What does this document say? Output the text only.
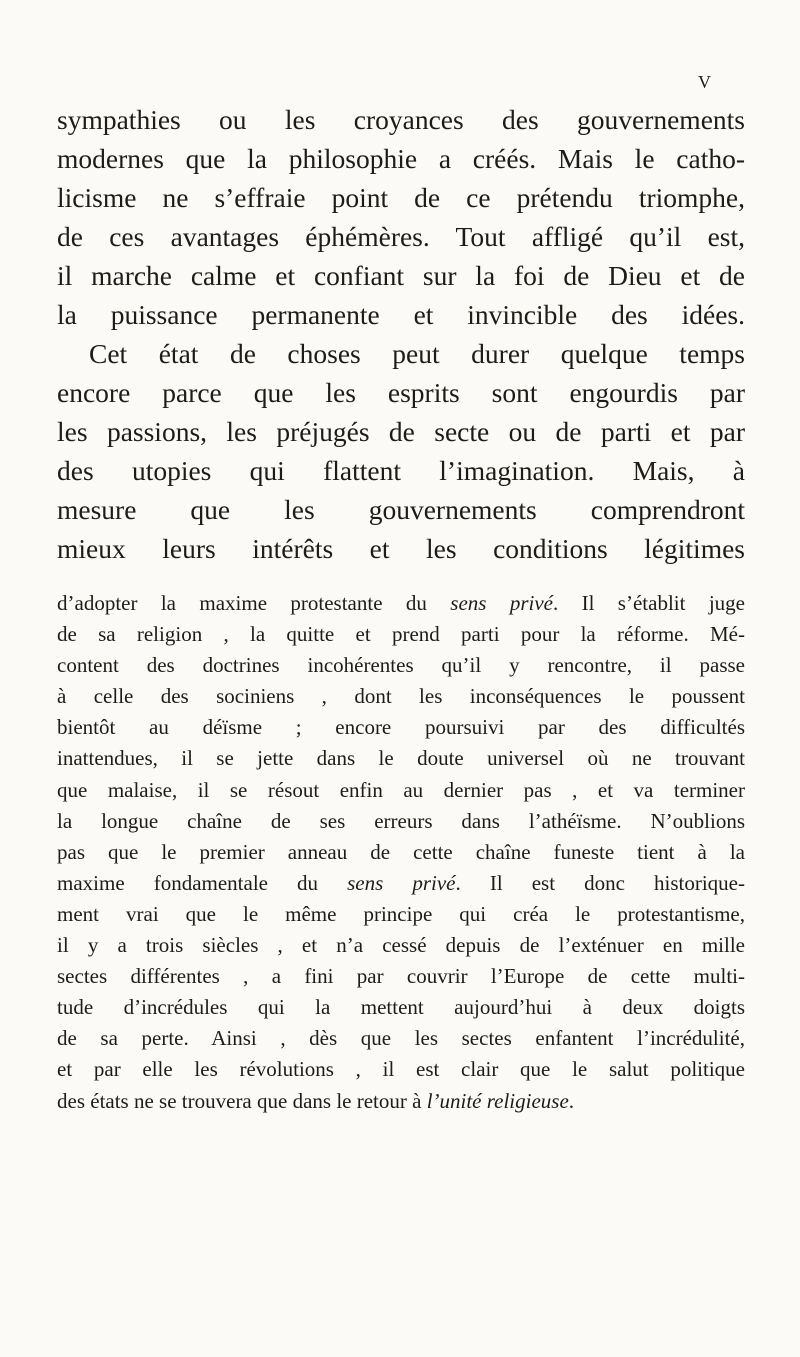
V
sympathies ou les croyances des gouvernements
modernes que la philosophie a créés. Mais le catho-
licisme ne s’effraie point de ce prétendu triomphe,
de ces avantages éphémères. Tout affligé qu’il est,
il marche calme et confiant sur la foi de Dieu et de
la puissance permanente et invincible des idées.
Cet état de choses peut durer quelque temps
encore parce que les esprits sont engourdis par
les passions, les préjugés de secte ou de parti et par
des utopies qui flattent l’imagination. Mais, à
mesure que les gouvernements comprendront
mieux leurs intérêts et les conditions légitimes
d’adopter la maxime protestante du sens privé. Il s’établit juge
de sa religion , la quitte et prend parti pour la réforme. Mé-
content des doctrines incohérentes qu’il y rencontre, il passe
à celle des sociniens , dont les inconséquences le poussent
bientôt au déïsme ; encore poursuivi par des difficultés
inattendues, il se jette dans le doute universel où ne trouvant
que malaise, il se résout enfin au dernier pas , et va terminer
la longue chaîne de ses erreurs dans l’athéïsme. N’oublions
pas que le premier anneau de cette chaîne funeste tient à la
maxime fondamentale du sens privé. Il est donc historique-
ment vrai que le même principe qui créa le protestantisme,
il y a trois siècles , et n’a cessé depuis de l’exténuer en mille
sectes différentes , a fini par couvrir l’Europe de cette multi-
tude d’incrédules qui la mettent aujourd’hui à deux doigts
de sa perte. Ainsi , dès que les sectes enfantent l’incrédulité,
et par elle les révolutions , il est clair que le salut politique
des états ne se trouvera que dans le retour à l’unité religieuse.
